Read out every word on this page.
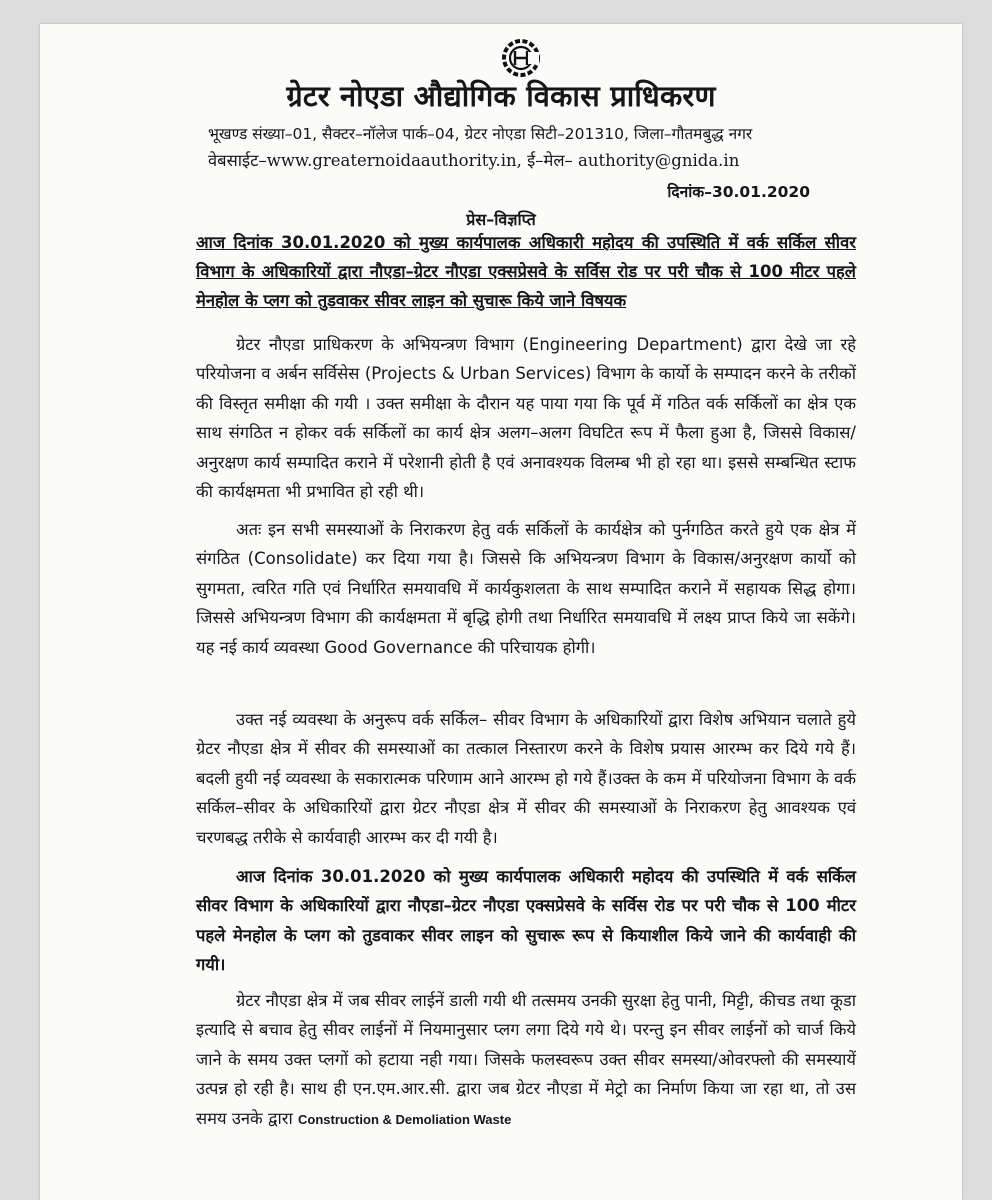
ग्रेटर नोएडा औद्योगिक विकास प्राधिकरण
भूखण्ड संख्या–01, सैक्टर–नॉलेज पार्क–04, ग्रेटर नोएडा सिटी–201310, जिला–गौतमबुद्ध नगर
वेबसाईट–www.greaternoidaauthority.in, ई–मेल– authority@gnida.in
दिनांक–30.01.2020
प्रेस–विज्ञप्ति
आज दिनांक 30.01.2020 को मुख्य कार्यपालक अधिकारी महोदय की उपस्थिति में वर्क सर्किल सीवर विभाग के अधिकारियों द्वारा नौएडा–ग्रेटर नौएडा एक्सप्रेसवे के सर्विस रोड पर परी चौक से 100 मीटर पहले मेनहोल के प्लग को तुडवाकर सीवर लाइन को सुचारू किये जाने विषयक
ग्रेटर नौएडा प्राधिकरण के अभियन्त्रण विभाग (Engineering Department) द्वारा देखे जा रहे परियोजना व अर्बन सर्विसेस (Projects & Urban Services) विभाग के कार्यो के सम्पादन करने के तरीकों की विस्तृत समीक्षा की गयी । उक्त समीक्षा के दौरान यह पाया गया कि पूर्व में गठित वर्क सर्किलों का क्षेत्र एक साथ संगठित न होकर वर्क सर्किलों का कार्य क्षेत्र अलग–अलग विघटित रूप में फैला हुआ है, जिससे विकास/अनुरक्षण कार्य सम्पादित कराने में परेशानी होती है एवं अनावश्यक विलम्ब भी हो रहा था। इससे सम्बन्धित स्टाफ की कार्यक्षमता भी प्रभावित हो रही थी।
अतः इन सभी समस्याओं के निराकरण हेतु वर्क सर्किलों के कार्यक्षेत्र को पुर्नगठित करते हुये एक क्षेत्र में संगठित (Consolidate) कर दिया गया है। जिससे कि अभियन्त्रण विभाग के विकास/अनुरक्षण कार्यो को सुगमता, त्वरित गति एवं निर्धारित समयावधि में कार्यकुशलता के साथ सम्पादित कराने में सहायक सिद्ध होगा। जिससे अभियन्त्रण विभाग की कार्यक्षमता में बृद्धि होगी तथा निर्धारित समयावधि में लक्ष्य प्राप्त किये जा सकेंगे। यह नई कार्य व्यवस्था Good Governance की परिचायक होगी।
उक्त नई व्यवस्था के अनुरूप वर्क सर्किल– सीवर विभाग के अधिकारियों द्वारा विशेष अभियान चलाते हुये ग्रेटर नौएडा क्षेत्र में सीवर की समस्याओं का तत्काल निस्तारण करने के विशेष प्रयास आरम्भ कर दिये गये हैं। बदली हुयी नई व्यवस्था के सकारात्मक परिणाम आने आरम्भ हो गये हैं।उक्त के कम में परियोजना विभाग के वर्क सर्किल–सीवर के अधिकारियों द्वारा ग्रेटर नौएडा क्षेत्र में सीवर की समस्याओं के निराकरण हेतु आवश्यक एवं चरणबद्ध तरीके से कार्यवाही आरम्भ कर दी गयी है।
आज दिनांक 30.01.2020 को मुख्य कार्यपालक अधिकारी महोदय की उपस्थिति में वर्क सर्किल सीवर विभाग के अधिकारियों द्वारा नौएडा–ग्रेटर नौएडा एक्सप्रेसवे के सर्विस रोड पर परी चौक से 100 मीटर पहले मेनहोल के प्लग को तुडवाकर सीवर लाइन को सुचारू रूप से कियाशील किये जाने की कार्यवाही की गयी।
ग्रेटर नौएडा क्षेत्र में जब सीवर लाईनें डाली गयी थी तत्समय उनकी सुरक्षा हेतु पानी, मिट्टी, कीचड तथा कूडा इत्यादि से बचाव हेतु सीवर लाईनों में नियमानुसार प्लग लगा दिये गये थे। परन्तु इन सीवर लाईनों को चार्ज किये जाने के समय उक्त प्लगों को हटाया नही गया। जिसके फलस्वरूप उक्त सीवर समस्या/ओवरफ्लो की समस्यायें उत्पन्न हो रही है। साथ ही एन.एम.आर.सी. द्वारा जब ग्रेटर नौएडा में मेट्रो का निर्माण किया जा रहा था, तो उस समय उनके द्वारा Construction & Demoliation Waste
